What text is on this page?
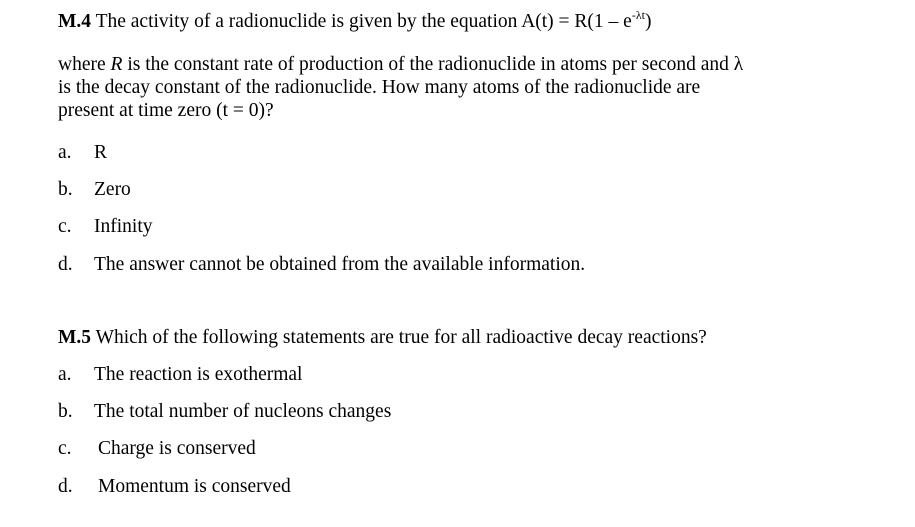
M.4 The activity of a radionuclide is given by the equation $A(t) = R(1 - e^{-\lambda t})$
where R is the constant rate of production of the radionuclide in atoms per second and λ
is the decay constant of the radionuclide. How many atoms of the radionuclide are
present at time zero (t = 0)?
a. R
b. Zero
c. Infinity
d. The answer cannot be obtained from the available information.
M.5 Which of the following statements are true for all radioactive decay reactions?
a. The reaction is exothermal
b. The total number of nucleons changes
c. Charge is conserved
d. Momentum is conserved
